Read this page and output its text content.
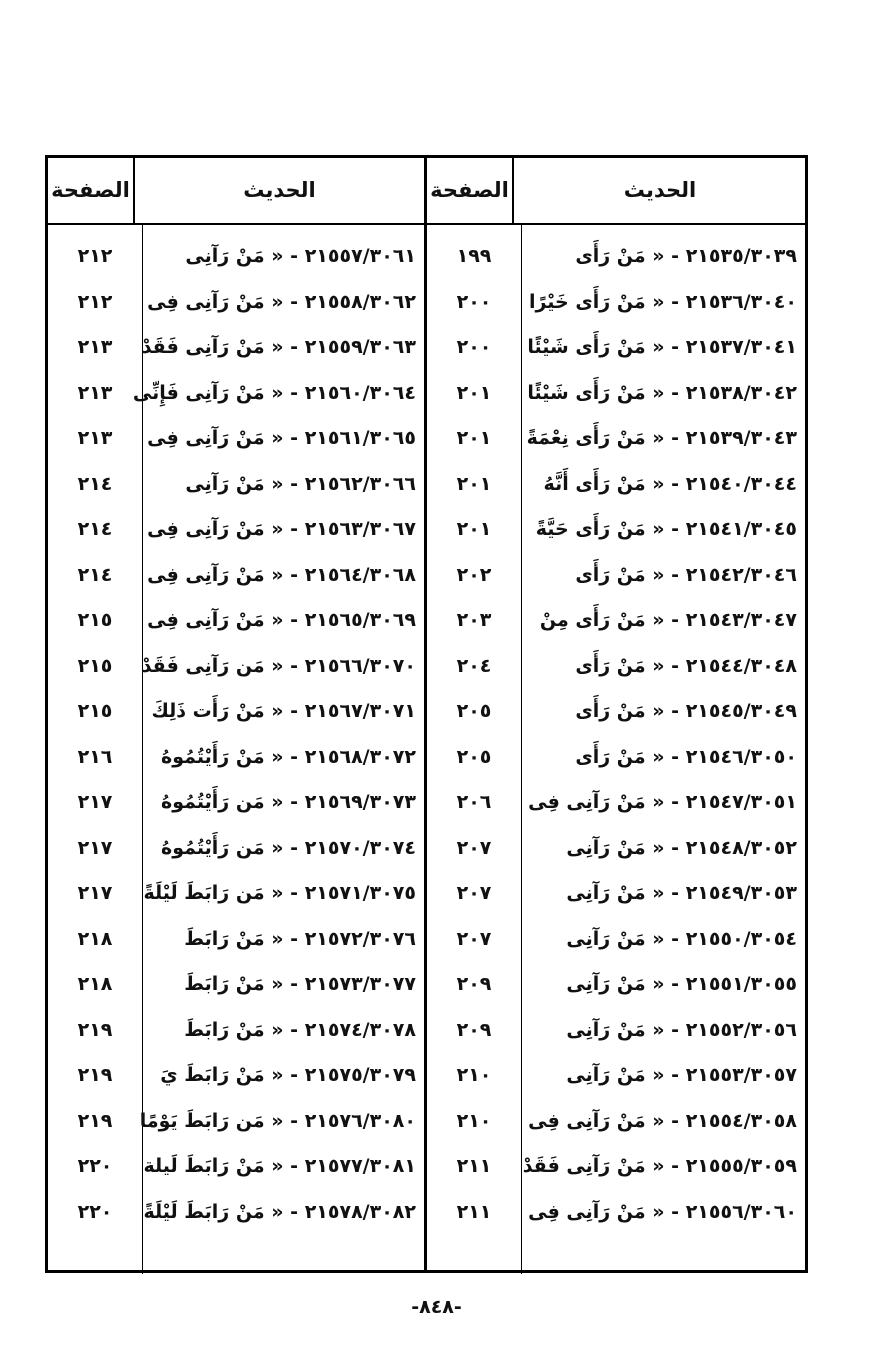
الحديث
الصفحة
الحديث
الصفحة
٢١٥٣٥/٣٠٣٩ - « مَنْ رَأَى
١٩٩
٢١٥٥٧/٣٠٦١ - « مَنْ رَآنِى
٢١٢
٢١٥٣٦/٣٠٤٠ - « مَنْ رَأَى خَيْرًا
٢٠٠
٢١٥٥٨/٣٠٦٢ - « مَنْ رَآنِى فِى
٢١٢
٢١٥٣٧/٣٠٤١ - « مَنْ رَأَى شَيْئًا
٢٠٠
٢١٥٥٩/٣٠٦٣ - « مَنْ رَآنِى فَقَدْ
٢١٣
٢١٥٣٨/٣٠٤٢ - « مَنْ رَأَى شَيْئًا
٢٠١
٢١٥٦٠/٣٠٦٤ - « مَنْ رَآنِى فَإِنِّى
٢١٣
٢١٥٣٩/٣٠٤٣ - « مَنْ رَأَى نِعْمَةً
٢٠١
٢١٥٦١/٣٠٦٥ - « مَنْ رَآنِى فِى
٢١٣
٢١٥٤٠/٣٠٤٤ - « مَنْ رَأَى أَنَّهُ
٢٠١
٢١٥٦٢/٣٠٦٦ - « مَنْ رَآنِى
٢١٤
٢١٥٤١/٣٠٤٥ - « مَنْ رَأَى حَيَّةً
٢٠١
٢١٥٦٣/٣٠٦٧ - « مَنْ رَآنِى فِى
٢١٤
٢١٥٤٢/٣٠٤٦ - « مَنْ رَأَى
٢٠٢
٢١٥٦٤/٣٠٦٨ - « مَنْ رَآنِى فِى
٢١٤
٢١٥٤٣/٣٠٤٧ - « مَنْ رَأَى مِنْ
٢٠٣
٢١٥٦٥/٣٠٦٩ - « مَنْ رَآنِى فِى
٢١٥
٢١٥٤٤/٣٠٤٨ - « مَنْ رَأَى
٢٠٤
٢١٥٦٦/٣٠٧٠ - « مَن رَآنِى فَقَدْ
٢١٥
٢١٥٤٥/٣٠٤٩ - « مَنْ رَأَى
٢٠٥
٢١٥٦٧/٣٠٧١ - « مَنْ رَأَت ذَلِكَ
٢١٥
٢١٥٤٦/٣٠٥٠ - « مَنْ رَأَى
٢٠٥
٢١٥٦٨/٣٠٧٢ - « مَنْ رَأَيْتُمُوهُ
٢١٦
٢١٥٤٧/٣٠٥١ - « مَنْ رَآنِى فِى
٢٠٦
٢١٥٦٩/٣٠٧٣ - « مَن رَأَيْتُمُوهُ
٢١٧
٢١٥٤٨/٣٠٥٢ - « مَنْ رَآنِى
٢٠٧
٢١٥٧٠/٣٠٧٤ - « مَن رَأَيْتُمُوهُ
٢١٧
٢١٥٤٩/٣٠٥٣ - « مَنْ رَآنِى
٢٠٧
٢١٥٧١/٣٠٧٥ - « مَن رَابَطَ لَيْلَةً
٢١٧
٢١٥٥٠/٣٠٥٤ - « مَنْ رَآنِى
٢٠٧
٢١٥٧٢/٣٠٧٦ - « مَنْ رَابَطَ
٢١٨
٢١٥٥١/٣٠٥٥ - « مَنْ رَآنِى
٢٠٩
٢١٥٧٣/٣٠٧٧ - « مَنْ رَابَطَ
٢١٨
٢١٥٥٢/٣٠٥٦ - « مَنْ رَآنِى
٢٠٩
٢١٥٧٤/٣٠٧٨ - « مَنْ رَابَطَ
٢١٩
٢١٥٥٣/٣٠٥٧ - « مَنْ رَآنِى
٢١٠
٢١٥٧٥/٣٠٧٩ - « مَنْ رَابَطَ يَ
٢١٩
٢١٥٥٤/٣٠٥٨ - « مَنْ رَآنِى فِى
٢١٠
٢١٥٧٦/٣٠٨٠ - « مَن رَابَطَ يَوْمًا
٢١٩
٢١٥٥٥/٣٠٥٩ - « مَنْ رَآنِى فَقَدْ
٢١١
٢١٥٧٧/٣٠٨١ - « مَنْ رَابَطَ لَيلة
٢٢٠
٢١٥٥٦/٣٠٦٠ - « مَنْ رَآنِى فِى
٢١١
٢١٥٧٨/٣٠٨٢ - « مَنْ رَابَطَ لَيْلَةً
٢٢٠
-٨٤٨-
